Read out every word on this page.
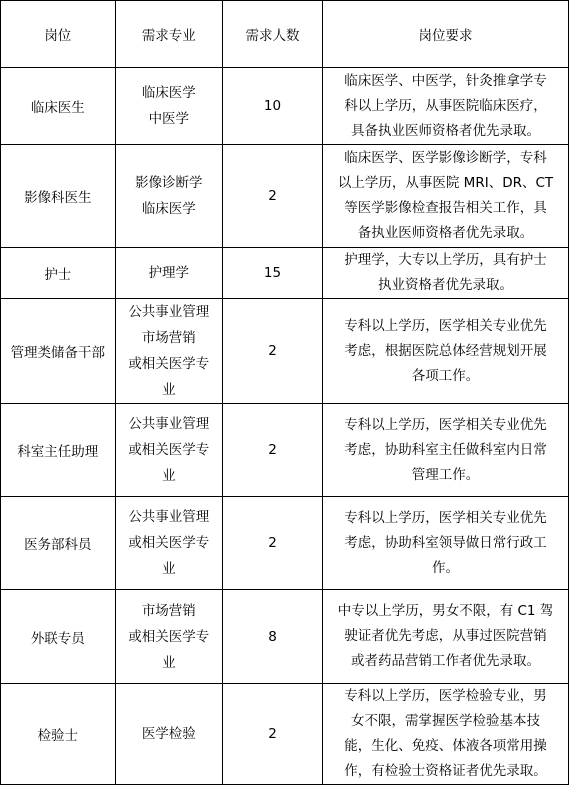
岗位	需求专业	需求人数	岗位要求
临床医生	临床医学
中医学	10	临床医学、中医学，针灸推拿学专
科以上学历，从事医院临床医疗，
具备执业医师资格者优先录取。

影像科医生	影像诊断学
临床医学	2	临床医学、医学影像诊断学，专科
以上学历，从事医院 MRI、DR、CT
等医学影像检查报告相关工作，具
备执业医师资格者优先录取。

护士	护理学	15	护理学，大专以上学历，具有护士
执业资格者优先录取。

管理类储备干部	公共事业管理
市场营销
或相关医学专
业	2	专科以上学历，医学相关专业优先
考虑，根据医院总体经营规划开展
各项工作。

科室主任助理	公共事业管理
或相关医学专
业	2	专科以上学历，医学相关专业优先
考虑，协助科室主任做科室内日常
管理工作。

医务部科员	公共事业管理
或相关医学专
业	2	专科以上学历，医学相关专业优先
考虑，协助科室领导做日常行政工
作。

外联专员	市场营销
或相关医学专
业	8	中专以上学历，男女不限，有 C1 驾
驶证者优先考虑，从事过医院营销
或者药品营销工作者优先录取。

检验士	医学检验	2	专科以上学历，医学检验专业，男
女不限，需掌握医学检验基本技
能，生化、免疫、体液各项常用操
作，有检验士资格证者优先录取。
